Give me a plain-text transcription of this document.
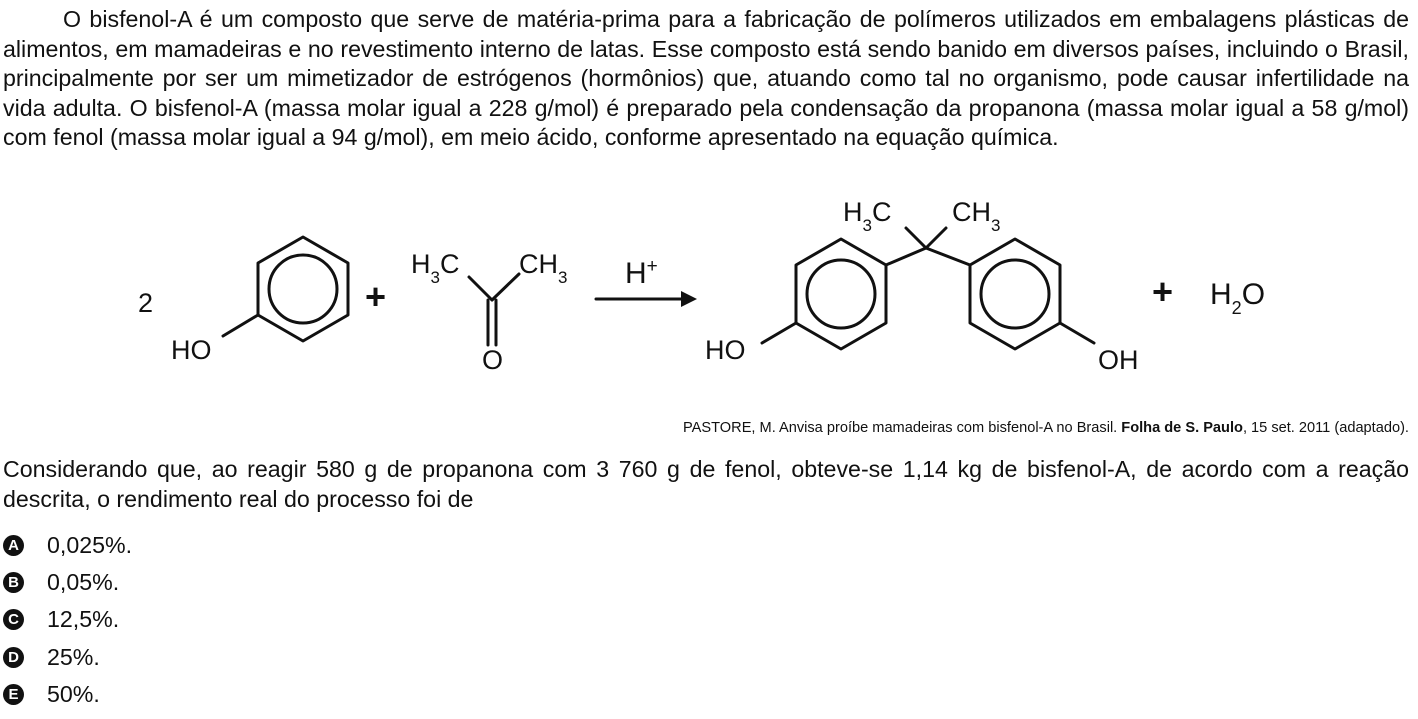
O bisfenol-A é um composto que serve de matéria-prima para a fabricação de polímeros utilizados em embalagens plásticas de alimentos, em mamadeiras e no revestimento interno de latas. Esse composto está sendo banido em diversos países, incluindo o Brasil, principalmente por ser um mimetizador de estrógenos (hormônios) que, atuando como tal no organismo, pode causar infertilidade na vida adulta. O bisfenol-A (massa molar igual a 228 g/mol) é preparado pela condensação da propanona (massa molar igual a 58 g/mol) com fenol (massa molar igual a 94 g/mol), em meio ácido, conforme apresentado na equação química.
2
HO
+
$H_3C$ $CH_3$
O
H+
$H_3C$ $CH_3$
HO	OH
+ $H_2O$
PASTORE, M. Anvisa proíbe mamadeiras com bisfenol-A no Brasil. Folha de S. Paulo, 15 set. 2011 (adaptado).
Considerando que, ao reagir 580 g de propanona com 3 760 g de fenol, obteve-se 1,14 kg de bisfenol-A, de acordo com a reação descrita, o rendimento real do processo foi de
A 0,025%.
B 0,05%.
C 12,5%.
D 25%.
E 50%.
